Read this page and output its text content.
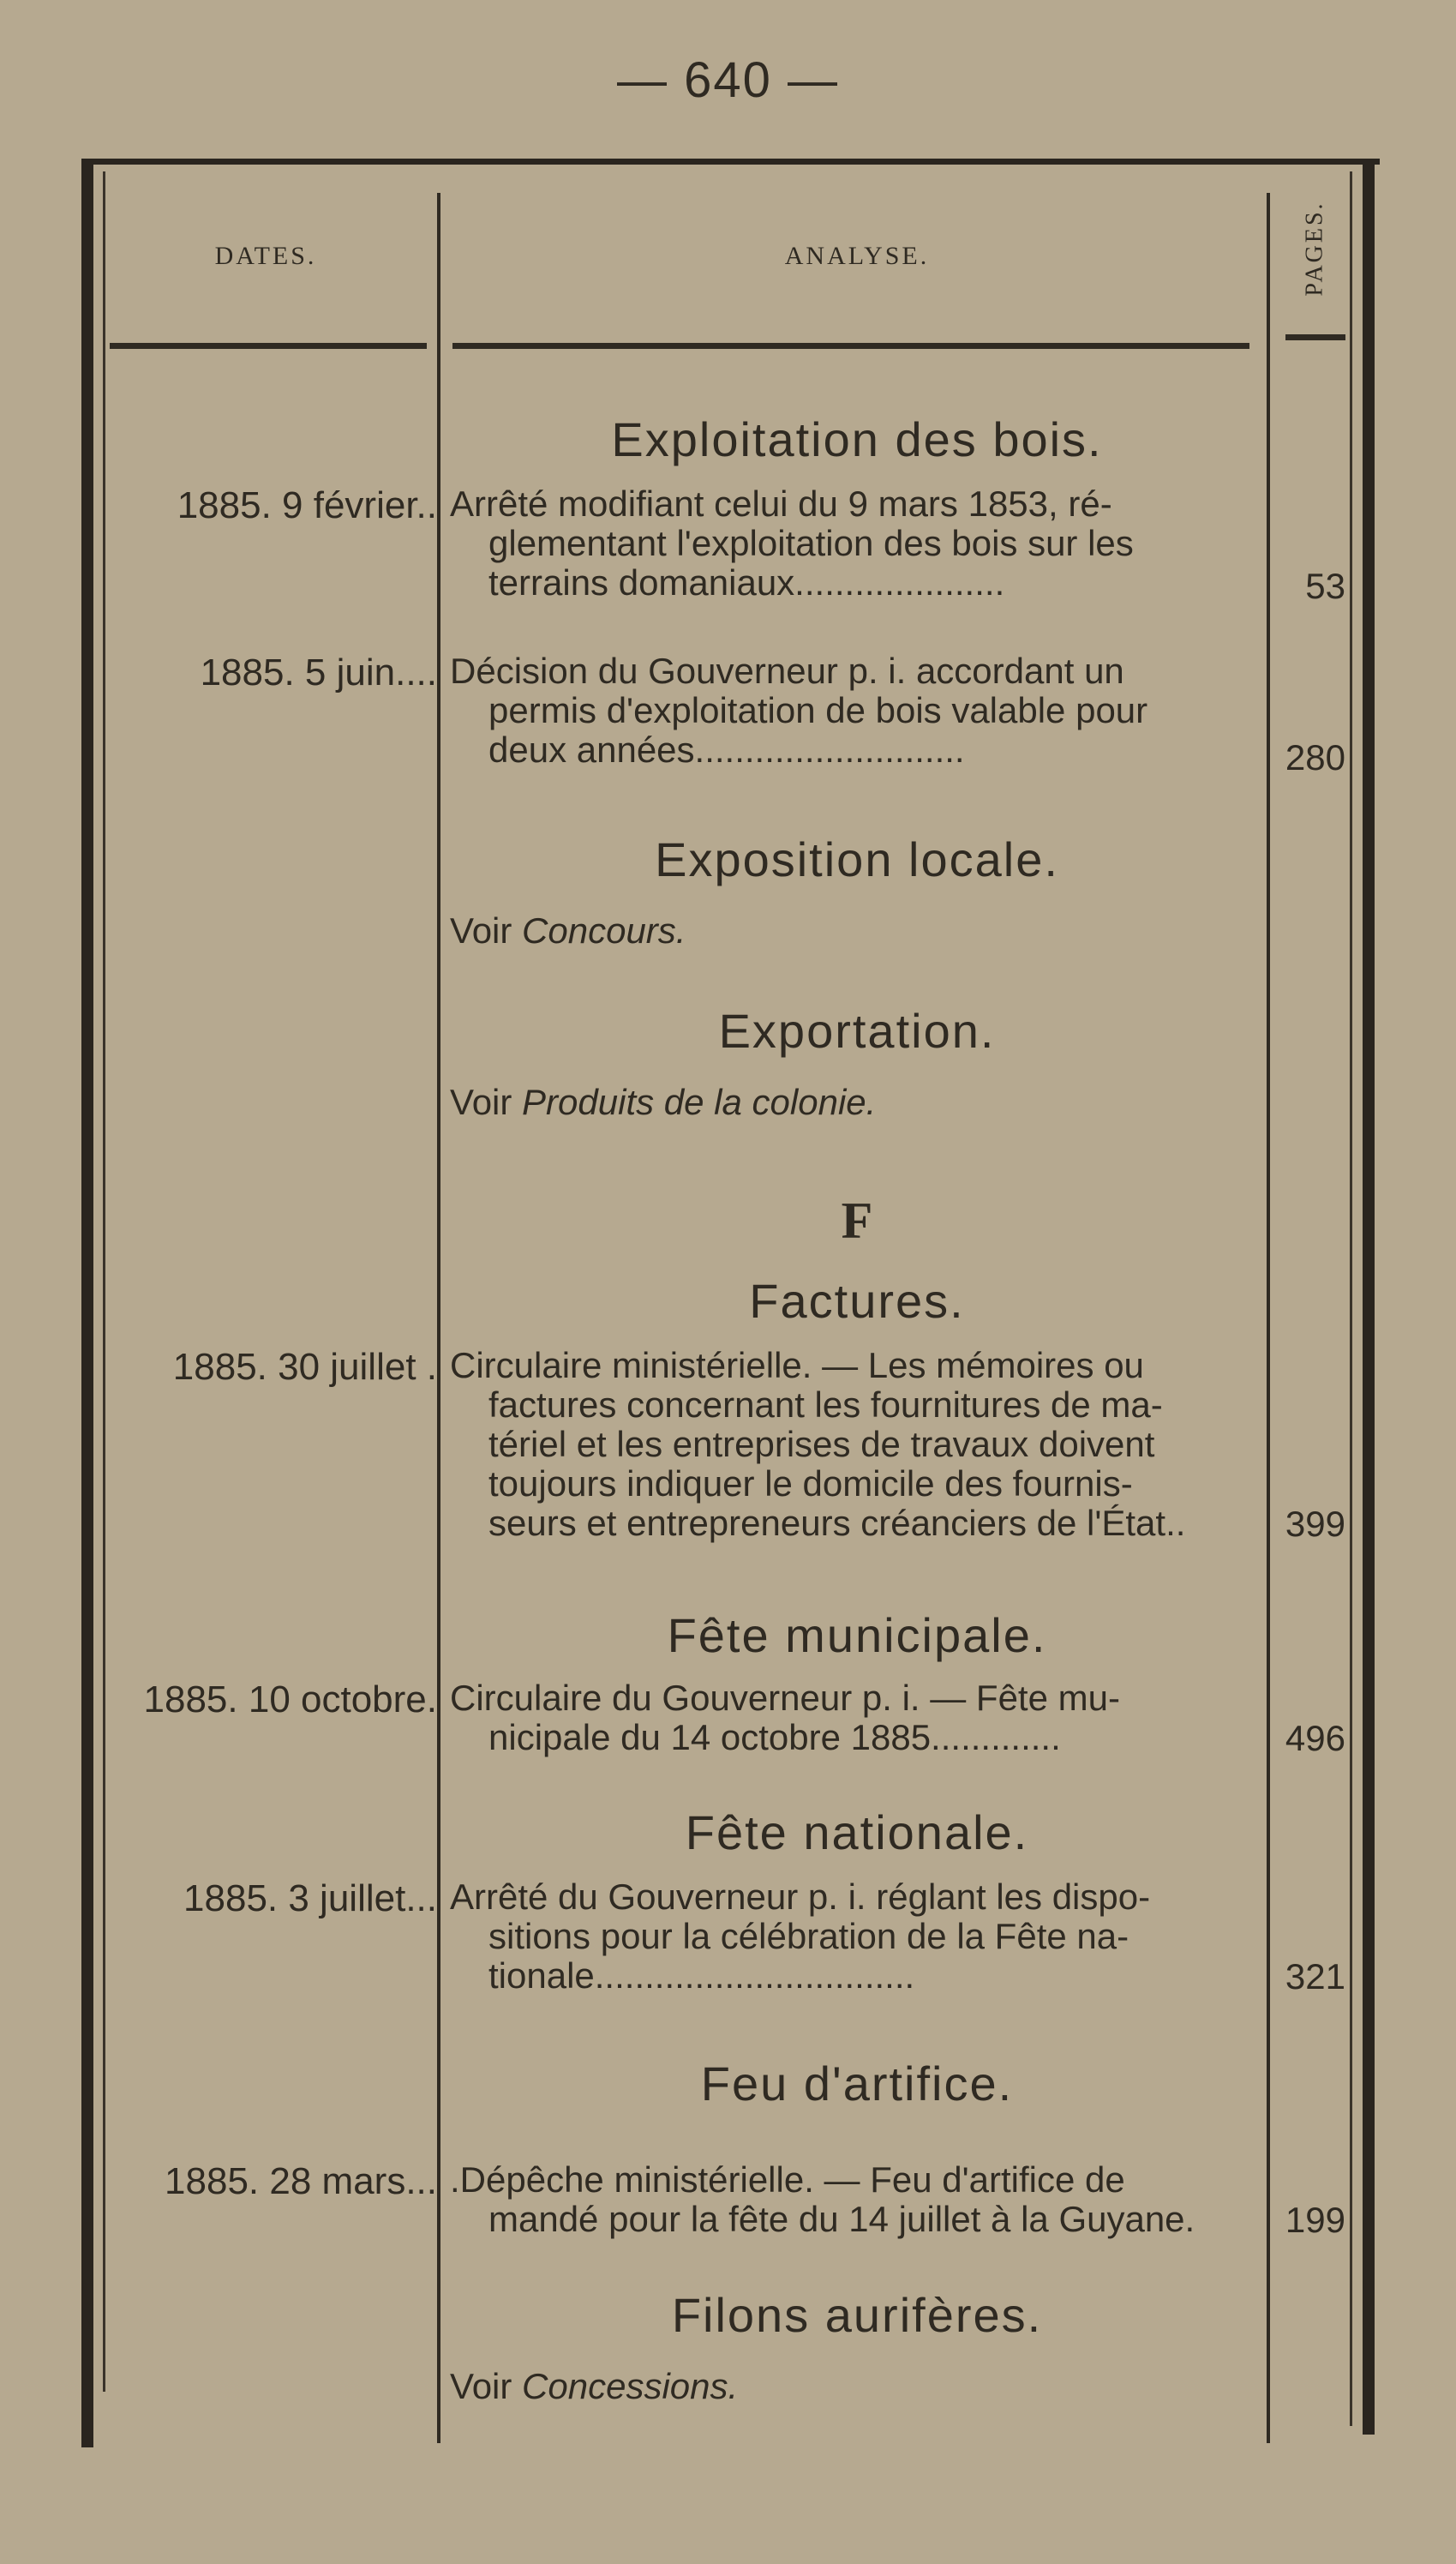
— 640 —
DATES.	ANALYSE.	PAGES.
Exploitation des bois.
1885. 9 février.. Arrêté modifiant celui du 9 mars 1853, ré-
glementant l'exploitation des bois sur les
terrains domaniaux.....................	53
1885. 5 juin.... Décision du Gouverneur p. i. accordant un
permis d'exploitation de bois valable pour
deux années...........................	280
Exposition locale.
Voir Concours.
Exportation.
Voir Produits de la colonie.
F
Factures.
1885. 30 juillet . Circulaire ministérielle. — Les mémoires ou
factures concernant les fournitures de ma-
tériel et les entreprises de travaux doivent
toujours indiquer le domicile des fournis-
seurs et entrepreneurs créanciers de l'État..	399
Fête municipale.
1885. 10 octobre. Circulaire du Gouverneur p. i. — Fête mu-
nicipale du 14 octobre 1885.............	496
Fête nationale.
1885. 3 juillet... Arrêté du Gouverneur p. i. réglant les dispo-
sitions pour la célébration de la Fête na-
tionale................................	321
Feu d'artifice.
1885. 28 mars... .Dépêche ministérielle. — Feu d'artifice de
mandé pour la fête du 14 juillet à la Guyane.	199
Filons aurifères.
Voir Concessions.
